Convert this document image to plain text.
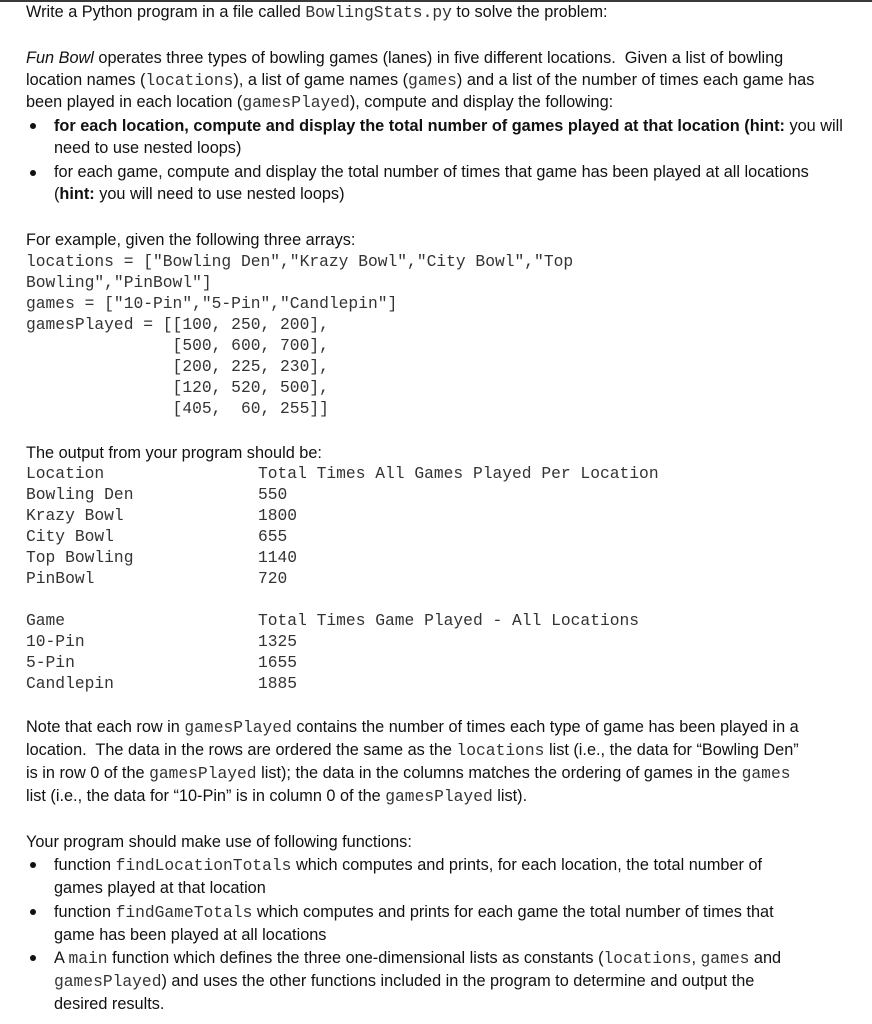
Write a Python program in a file called BowlingStats.py to solve the problem:
Fun Bowl operates three types of bowling games (lanes) in five different locations.  Given a list of bowling
location names (locations), a list of game names (games) and a list of the number of times each game has
been played in each location (gamesPlayed), compute and display the following:
for each location, compute and display the total number of games played at that location (hint: you will
need to use nested loops)
for each game, compute and display the total number of times that game has been played at all locations
(hint: you will need to use nested loops)
For example, given the following three arrays:
locations = ["Bowling Den","Krazy Bowl","City Bowl","Top
Bowling","PinBowl"]
games = ["10-Pin","5-Pin","Candlepin"]
gamesPlayed = [[100, 250, 200],
[500, 600, 700],
[200, 225, 230],
[120, 520, 500],
[405,  60, 255]]
The output from your program should be:
Location	Total Times All Games Played Per Location
Bowling Den	550
Krazy Bowl	1800
City Bowl	655
Top Bowling	1140
PinBowl	720
Game	Total Times Game Played - All Locations
10-Pin	1325
5-Pin	1655
Candlepin	1885
Note that each row in gamesPlayed contains the number of times each type of game has been played in a
location.  The data in the rows are ordered the same as the locations list (i.e., the data for “Bowling Den”
is in row 0 of the gamesPlayed list); the data in the columns matches the ordering of games in the games
list (i.e., the data for “10-Pin” is in column 0 of the gamesPlayed list).
Your program should make use of following functions:
function findLocationTotals which computes and prints, for each location, the total number of
games played at that location
function findGameTotals which computes and prints for each game the total number of times that
game has been played at all locations
A main function which defines the three one-dimensional lists as constants (locations, games and
gamesPlayed) and uses the other functions included in the program to determine and output the
desired results.
